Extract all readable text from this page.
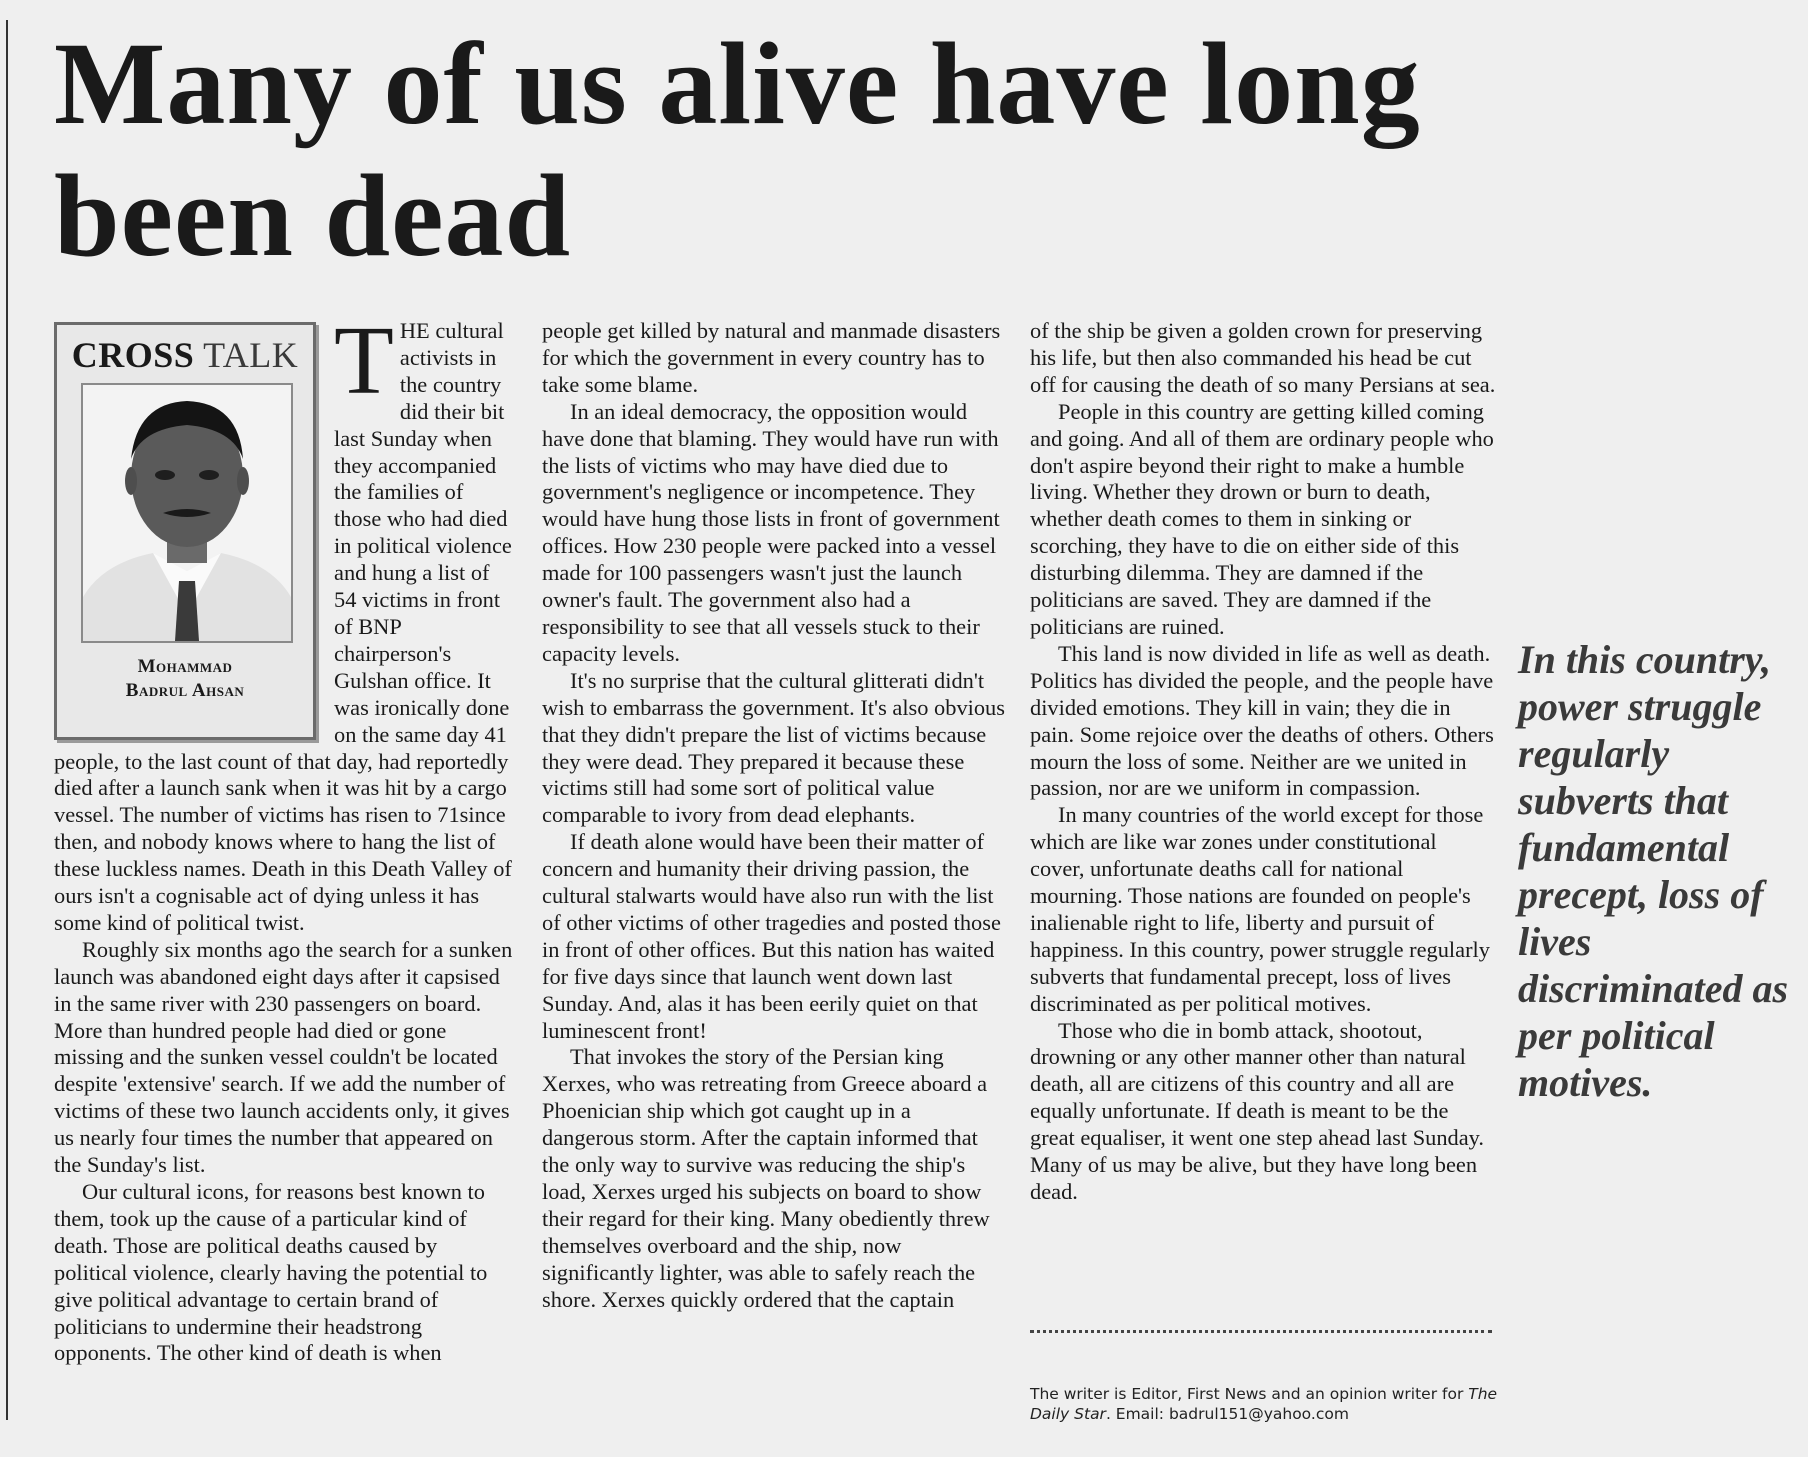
Many of us alive have long been dead
CROSS TALK
Mohammad
Badrul Ahsan

THE cultural activists in the country did their bit last Sunday when they accompanied the families of those who had died in political violence and hung a list of 54 victims in front of BNP chairperson's Gulshan office. It was ironically done on the same day 41 people, to the last count of that day, had reportedly died after a launch sank when it was hit by a cargo vessel. The number of victims has risen to 71since then, and nobody knows where to hang the list of these luckless names. Death in this Death Valley of ours isn't a cognisable act of dying unless it has some kind of political twist.

Roughly six months ago the search for a sunken launch was abandoned eight days after it capsised in the same river with 230 passengers on board. More than hundred people had died or gone missing and the sunken vessel couldn't be located despite 'extensive' search. If we add the number of victims of these two launch accidents only, it gives us nearly four times the number that appeared on the Sunday's list.

Our cultural icons, for reasons best known to them, took up the cause of a particular kind of death. Those are political deaths caused by political violence, clearly having the potential to give political advantage to certain brand of politicians to undermine their headstrong opponents. The other kind of death is when

people get killed by natural and manmade disasters for which the government in every country has to take some blame.

In an ideal democracy, the opposition would have done that blaming. They would have run with the lists of victims who may have died due to government's negligence or incompetence. They would have hung those lists in front of government offices. How 230 people were packed into a vessel made for 100 passengers wasn't just the launch owner's fault. The government also had a responsibility to see that all vessels stuck to their capacity levels.

It's no surprise that the cultural glitterati didn't wish to embarrass the government. It's also obvious that they didn't prepare the list of victims because they were dead. They prepared it because these victims still had some sort of political value comparable to ivory from dead elephants.

If death alone would have been their matter of concern and humanity their driving passion, the cultural stalwarts would have also run with the list of other victims of other tragedies and posted those in front of other offices. But this nation has waited for five days since that launch went down last Sunday. And, alas it has been eerily quiet on that luminescent front!

That invokes the story of the Persian king Xerxes, who was retreating from Greece aboard a Phoenician ship which got caught up in a dangerous storm. After the captain informed that the only way to survive was reducing the ship's load, Xerxes urged his subjects on board to show their regard for their king. Many obediently threw themselves overboard and the ship, now significantly lighter, was able to safely reach the shore. Xerxes quickly ordered that the captain

of the ship be given a golden crown for preserving his life, but then also commanded his head be cut off for causing the death of so many Persians at sea.

People in this country are getting killed coming and going. And all of them are ordinary people who don't aspire beyond their right to make a humble living. Whether they drown or burn to death, whether death comes to them in sinking or scorching, they have to die on either side of this disturbing dilemma. They are damned if the politicians are saved. They are damned if the politicians are ruined.

This land is now divided in life as well as death. Politics has divided the people, and the people have divided emotions. They kill in vain; they die in pain. Some rejoice over the deaths of others. Others mourn the loss of some. Neither are we united in passion, nor are we uniform in compassion.

In many countries of the world except for those which are like war zones under constitutional cover, unfortunate deaths call for national mourning. Those nations are founded on people's inalienable right to life, liberty and pursuit of happiness. In this country, power struggle regularly subverts that fundamental precept, loss of lives discriminated as per political motives.

Those who die in bomb attack, shootout, drowning or any other manner other than natural death, all are citizens of this country and all are equally unfortunate. If death is meant to be the great equaliser, it went one step ahead last Sunday. Many of us may be alive, but they have long been dead.

In this country, power struggle regularly subverts that fundamental precept, loss of lives discriminated as per political motives.
The writer is Editor, First News and an opinion writer for The Daily Star. Email: badrul151@yahoo.com
